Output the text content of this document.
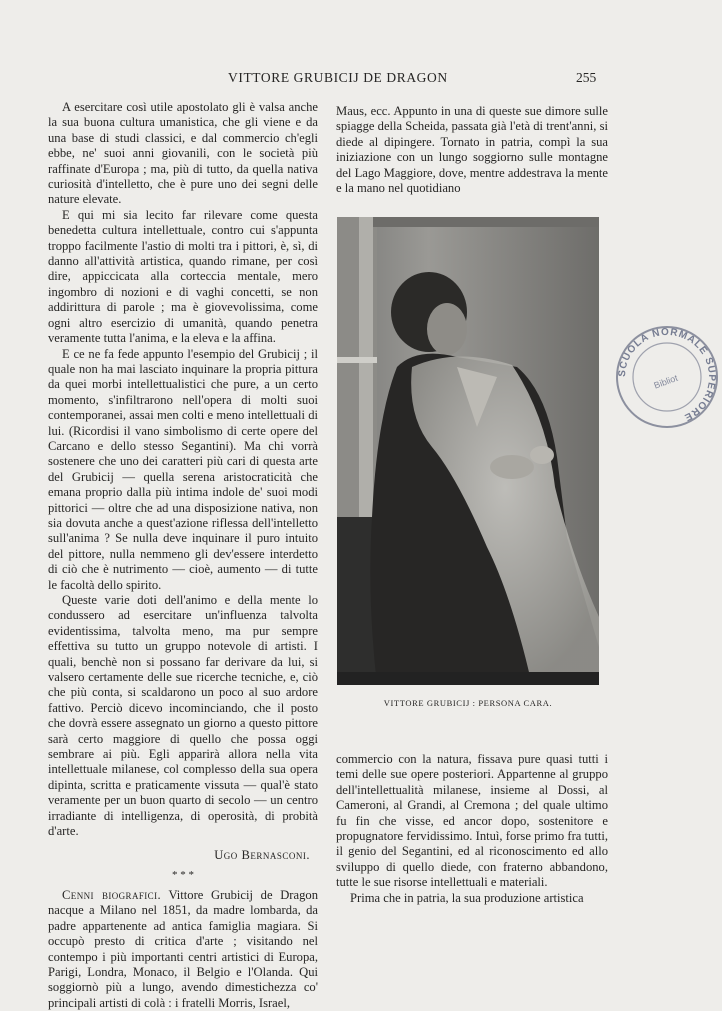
VITTORE GRUBICIJ DE DRAGON	255

A esercitare così utile apostolato gli è valsa anche la sua buona cultura umanistica, che gli viene e da una base di studi classici, e dal commercio ch'egli ebbe, ne' suoi anni giovanili, con le società più raffinate d'Europa ; ma, più di tutto, da quella nativa curiosità d'intelletto, che è pure uno dei segni delle nature elevate.

E qui mi sia lecito far rilevare come questa benedetta cultura intellettuale, contro cui s'appunta troppo facilmente l'astio di molti tra i pittori, è, sì, di danno all'attività artistica, quando rimane, per così dire, appiccicata alla corteccia mentale, mero ingombro di nozioni e di vaghi concetti, se non addirittura di parole ; ma è giovevolissima, come ogni altro esercizio di umanità, quando penetra veramente tutta l'anima, e la eleva e la affina.

E ce ne fa fede appunto l'esempio del Grubicij ; il quale non ha mai lasciato inquinare la propria pittura da quei morbi intellettualistici che pure, a un certo momento, s'infiltrarono nell'opera di molti suoi contemporanei, assai men colti e meno intellettuali di lui. (Ricordisi il vano simbolismo di certe opere del Carcano e dello stesso Segantini). Ma chi vorrà sostenere che uno dei caratteri più cari di questa arte del Grubicij — quella serena aristocraticità che emana proprio dalla più intima indole de' suoi modi pittorici — oltre che ad una disposizione nativa, non sia dovuta anche a quest'azione riflessa dell'intelletto sull'anima ? Se nulla deve inquinare il puro intuito del pittore, nulla nemmeno gli dev'essere interdetto di ciò che è nutrimento — cioè, aumento — di tutte le facoltà dello spirito.

Queste varie doti dell'animo e della mente lo condussero ad esercitare un'influenza talvolta evidentissima, talvolta meno, ma pur sempre effettiva su tutto un gruppo notevole di artisti. I quali, benchè non si possano far derivare da lui, si valsero certamente delle sue ricerche tecniche, e, ciò che più conta, si scaldarono un poco al suo ardore fattivo. Perciò dicevo incominciando, che il posto che dovrà essere assegnato un giorno a questo pittore sarà certo maggiore di quello che possa oggi sembrare ai più. Egli apparirà allora nella vita intellettuale milanese, col complesso della sua opera dipinta, scritta e praticamente vissuta — qual'è stato veramente per un buon quarto di secolo — un centro irradiante di intelligenza, di operosità, di probità d'arte.

Ugo Bernasconi.

* * *

Cenni biografici. Vittore Grubicij de Dragon nacque a Milano nel 1851, da madre lombarda, da padre appartenente ad antica famiglia magiara. Si occupò presto di critica d'arte ; visitando nel contempo i più importanti centri artistici di Europa, Parigi, Londra, Monaco, il Belgio e l'Olanda. Qui soggiornò più a lungo, avendo dimestichezza co' principali artisti di colà : i fratelli Morris, Israel,

Maus, ecc. Appunto in una di queste sue dimore sulle spiagge della Scheida, passata già l'età di trent'anni, si diede al dipingere. Tornato in patria, compì la sua iniziazione con un lungo soggiorno sulle montagne del Lago Maggiore, dove, mentre addestrava la mente e la mano nel quotidiano

VITTORE GRUBICIJ : PERSONA CARA.
SCUOLA NORMALE SUPERIORE
Bibliot

commercio con la natura, fissava pure quasi tutti i temi delle sue opere posteriori. Appartenne al gruppo dell'intellettualità milanese, insieme al Dossi, al Cameroni, al Grandi, al Cremona ; del quale ultimo fu fin che visse, ed ancor dopo, sostenitore e propugnatore fervidissimo. Intuì, forse primo fra tutti, il genio del Segantini, ed al riconoscimento ed allo sviluppo di quello diede, con fraterno abbandono, tutte le sue risorse intellettuali e materiali.

Prima che in patria, la sua produzione artistica
